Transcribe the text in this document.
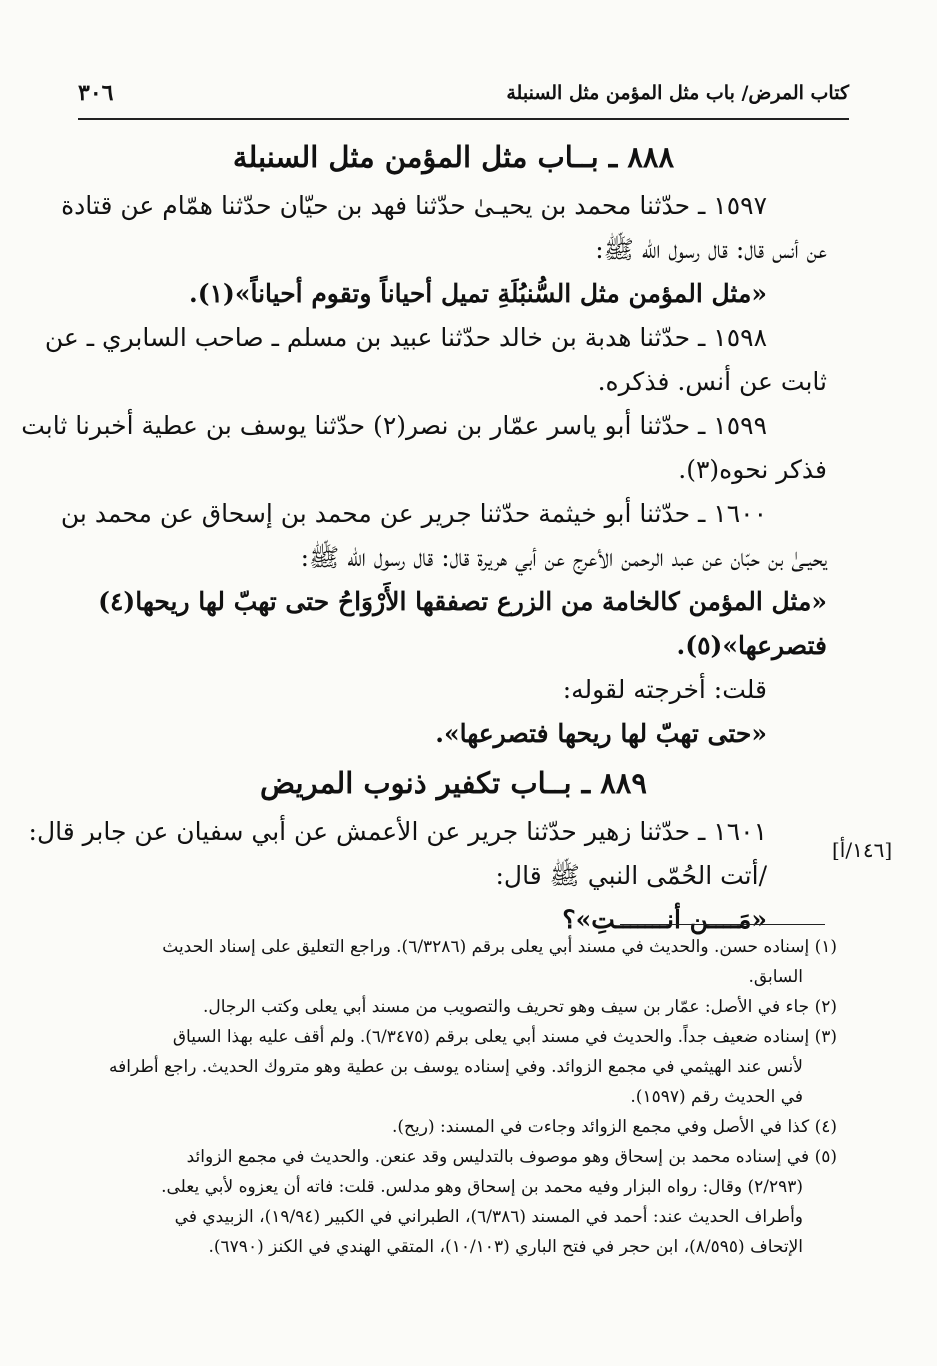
كتاب المرض/ باب مثل المؤمن مثل السنبلة
٣٠٦
٨٨٨ ـ بــاب مثل المؤمن مثل السنبلة
١٥٩٧ ـ حدّثنا محمد بن يحيـىٰ حدّثنا فهد بن حيّان حدّثنا همّام عن قتادة
عن أنس قال: قال رسول الله ﷺ:
«مثل المؤمن مثل السُّنبُلَةِ تميل أحياناً وتقوم أحياناً»(١).
١٥٩٨ ـ حدّثنا هدبة بن خالد حدّثنا عبيد بن مسلم ـ صاحب السابري ـ عن
ثابت عن أنس. فذكره.
١٥٩٩ ـ حدّثنا أبو ياسر عمّار بن نصر(٢) حدّثنا يوسف بن عطية أخبرنا ثابت
فذكر نحوه(٣).
١٦٠٠ ـ حدّثنا أبو خيثمة حدّثنا جرير عن محمد بن إسحاق عن محمد بن
يحيـىٰ بن حبّان عن عبد الرحمن الأعرج عن أبي هريرة قال: قال رسول الله ﷺ:
«مثل المؤمن كالخامة من الزرع تصفقها الأَرْوَاحُ حتى تهبّ لها ريحها(٤)
فتصرعها»(٥).
قلت: أخرجته لقوله:
«حتى تهبّ لها ريحها فتصرعها».
٨٨٩ ـ بــاب تكفير ذنوب المريض
١٦٠١ ـ حدّثنا زهير حدّثنا جرير عن الأعمش عن أبي سفيان عن جابر قال:
/أتت الحُمّى النبي ﷺ قال:
«مَــــن أنـــــــتِ»؟
[١٤٦/أ]
(١) إسناده حسن. والحديث في مسند أبي يعلى برقم (٦/٣٢٨٦). وراجع التعليق على إسناد الحديث
السابق.
(٢) جاء في الأصل: عمّار بن سيف وهو تحريف والتصويب من مسند أبي يعلى وكتب الرجال.
(٣) إسناده ضعيف جداً. والحديث في مسند أبي يعلى برقم (٦/٣٤٧٥). ولم أقف عليه بهذا السياق
لأنس عند الهيثمي في مجمع الزوائد. وفي إسناده يوسف بن عطية وهو متروك الحديث. راجع أطرافه
في الحديث رقم (١٥٩٧).
(٤) كذا في الأصل وفي مجمع الزوائد وجاءت في المسند: (ريح).
(٥) في إسناده محمد بن إسحاق وهو موصوف بالتدليس وقد عنعن. والحديث في مجمع الزوائد
(٢/٢٩٣) وقال: رواه البزار وفيه محمد بن إسحاق وهو مدلس. قلت: فاته أن يعزوه لأبي يعلى.
وأطراف الحديث عند: أحمد في المسند (٦/٣٨٦)، الطبراني في الكبير (١٩/٩٤)، الزبيدي في
الإتحاف (٨/٥٩٥)، ابن حجر في فتح الباري (١٠/١٠٣)، المتقي الهندي في الكنز (٦٧٩٠).
